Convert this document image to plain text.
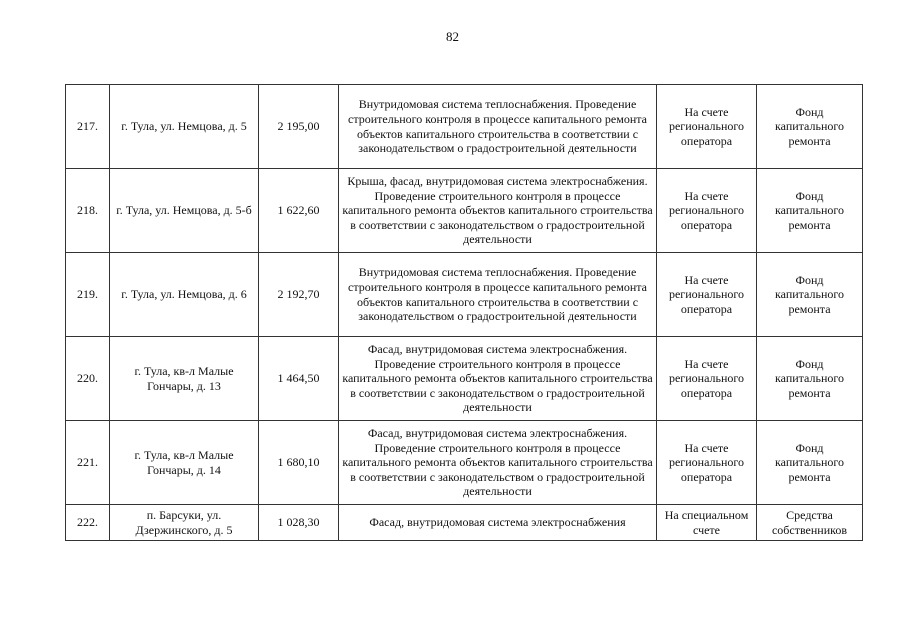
82
217.	г. Тула, ул. Немцова, д. 5	2 195,00	Внутридомовая система теплоснабжения. Проведение строительного контроля в процессе капитального ремонта объектов капитального строительства в соответствии с законодательством о градостроительной деятельности	На счете регионального оператора	Фонд капитального ремонта
218.	г. Тула, ул. Немцова, д. 5-б	1 622,60	Крыша, фасад, внутридомовая система электроснабжения. Проведение строительного контроля в процессе капитального ремонта объектов капитального строительства в соответствии с законодательством о градостроительной деятельности	На счете регионального оператора	Фонд капитального ремонта
219.	г. Тула, ул. Немцова, д. 6	2 192,70	Внутридомовая система теплоснабжения. Проведение строительного контроля в процессе капитального ремонта объектов капитального строительства в соответствии с законодательством о градостроительной деятельности	На счете регионального оператора	Фонд капитального ремонта
220.	г. Тула, кв-л Малые Гончары, д. 13	1 464,50	Фасад, внутридомовая система электроснабжения. Проведение строительного контроля в процессе капитального ремонта объектов капитального строительства в соответствии с законодательством о градостроительной деятельности	На счете регионального оператора	Фонд капитального ремонта
221.	г. Тула, кв-л Малые Гончары, д. 14	1 680,10	Фасад, внутридомовая система электроснабжения. Проведение строительного контроля в процессе капитального ремонта объектов капитального строительства в соответствии с законодательством о градостроительной деятельности	На счете регионального оператора	Фонд капитального ремонта
222.	п. Барсуки, ул. Дзержинского, д. 5	1 028,30	Фасад, внутридомовая система электроснабжения	На специальном счете	Средства собственников
